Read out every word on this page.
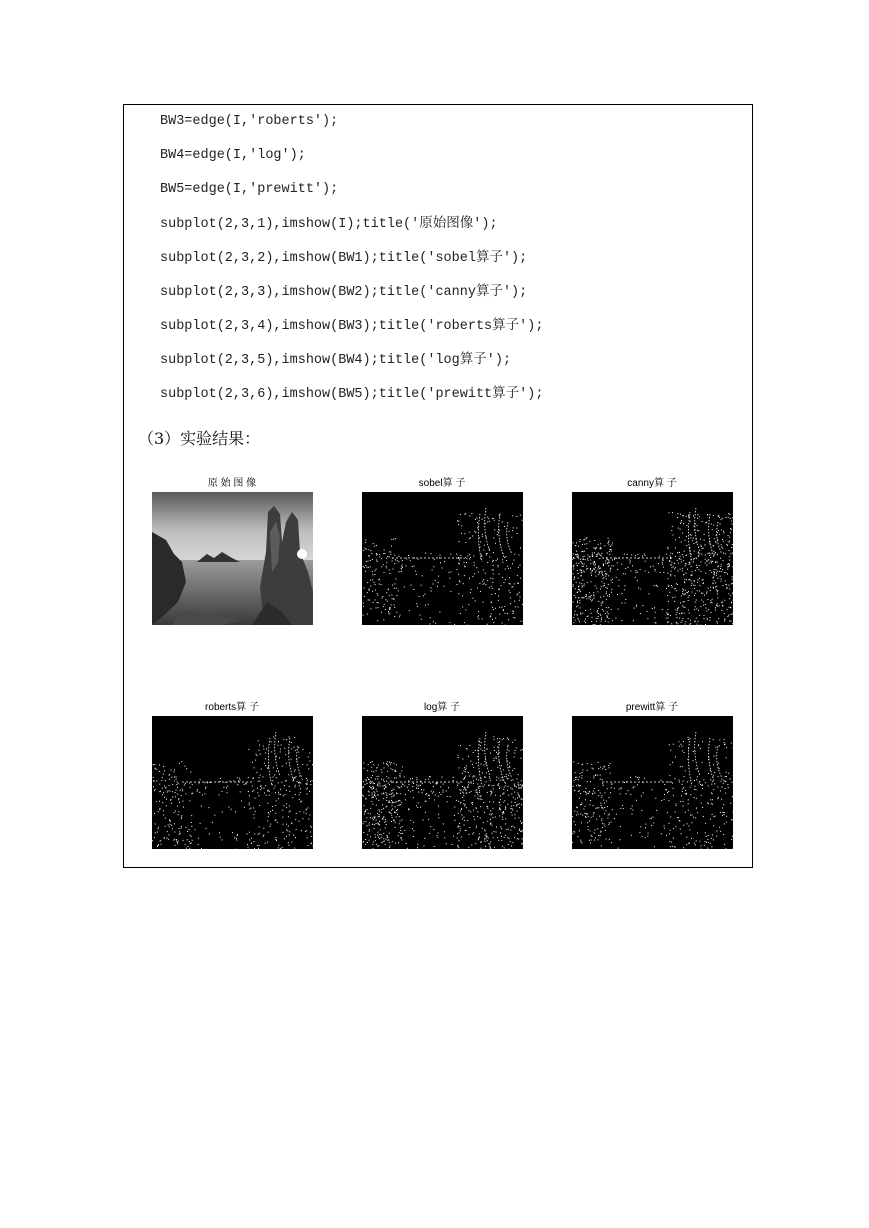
BW3=edge(I,'roberts');
BW4=edge(I,'log');
BW5=edge(I,'prewitt');
subplot(2,3,1),imshow(I);title('原始图像');
subplot(2,3,2),imshow(BW1);title('sobel算子');
subplot(2,3,3),imshow(BW2);title('canny算子');
subplot(2,3,4),imshow(BW3);title('roberts算子');
subplot(2,3,5),imshow(BW4);title('log算子');
subplot(2,3,6),imshow(BW5);title('prewitt算子');
（3）实验结果：
原 始 图 像	sobel算 子	canny算 子
roberts算 子	log算 子	prewitt算 子
